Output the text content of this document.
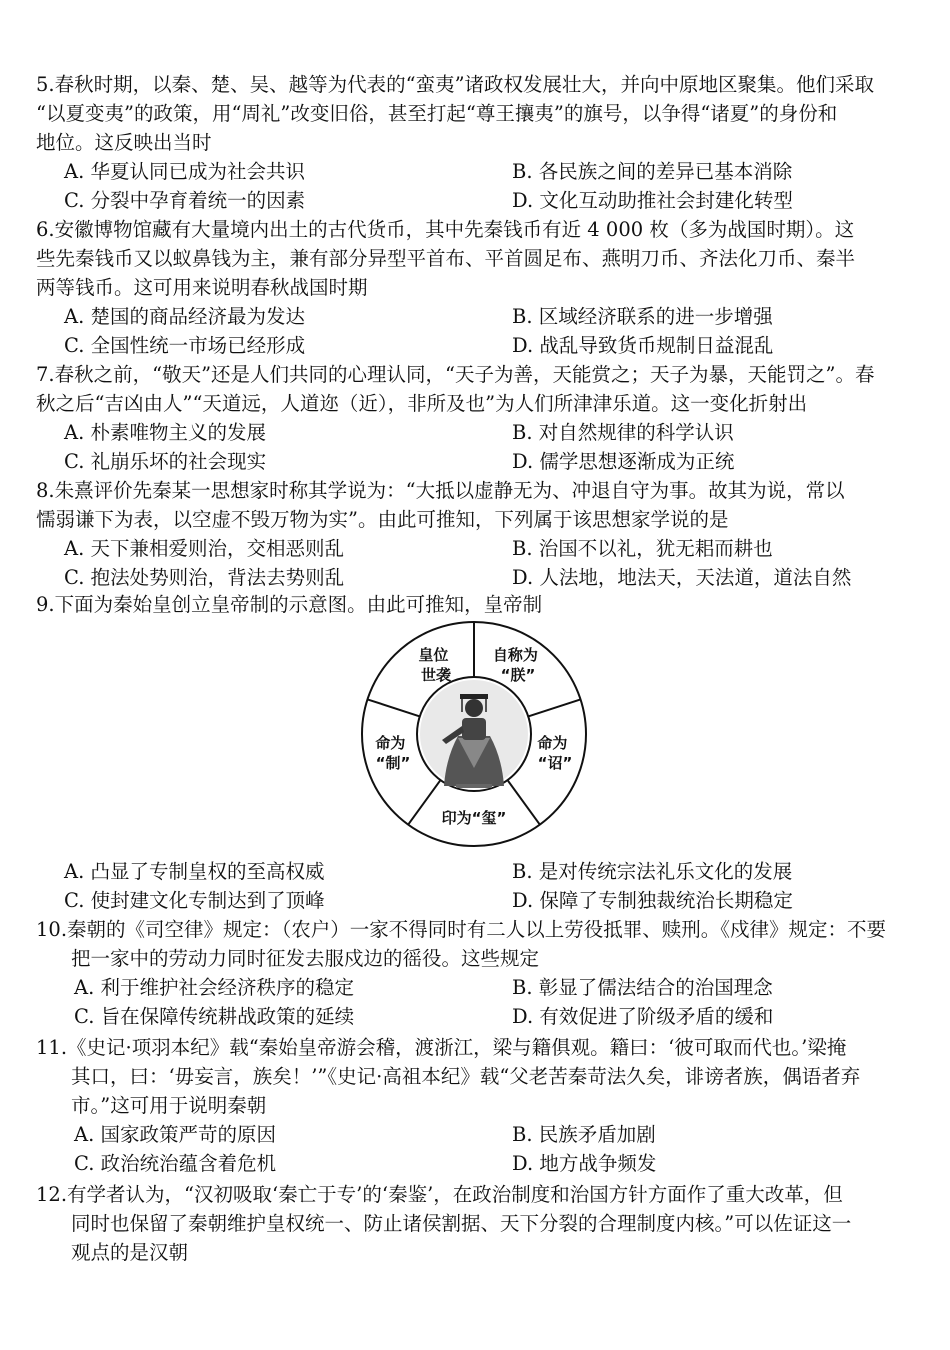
5.春秋时期，以秦、楚、吴、越等为代表的“蛮夷”诸政权发展壮大，并向中原地区聚集。他们采取
“以夏变夷”的政策，用“周礼”改变旧俗，甚至打起“尊王攘夷”的旗号，以争得“诸夏”的身份和
地位。这反映出当时
A. 华夏认同已成为社会共识	B. 各民族之间的差异已基本消除
C. 分裂中孕育着统一的因素	D. 文化互动助推社会封建化转型
6.安徽博物馆藏有大量境内出土的古代货币，其中先秦钱币有近 4 000 枚（多为战国时期）。这
些先秦钱币又以蚁鼻钱为主，兼有部分异型平首布、平首圆足布、燕明刀币、齐法化刀币、秦半
两等钱币。这可用来说明春秋战国时期
A. 楚国的商品经济最为发达	B. 区域经济联系的进一步增强
C. 全国性统一市场已经形成	D. 战乱导致货币规制日益混乱
7.春秋之前，“敬天”还是人们共同的心理认同，“天子为善，天能赏之；天子为暴，天能罚之”。春
秋之后“吉凶由人”“天道远，人道迩（近），非所及也”为人们所津津乐道。这一变化折射出
A. 朴素唯物主义的发展	B. 对自然规律的科学认识
C. 礼崩乐坏的社会现实	D. 儒学思想逐渐成为正统
8.朱熹评价先秦某一思想家时称其学说为：“大抵以虚静无为、冲退自守为事。故其为说，常以
懦弱谦下为表，以空虚不毁万物为实”。由此可推知，下列属于该思想家学说的是
A. 天下兼相爱则治，交相恶则乱	B. 治国不以礼，犹无耜而耕也
C. 抱法处势则治，背法去势则乱	D. 人法地，地法天，天法道，道法自然
9.下面为秦始皇创立皇帝制的示意图。由此可推知，皇帝制
皇位 世袭
自称为 “朕”
命为 “诏”
印为“玺”
命为 “制”
A. 凸显了专制皇权的至高权威	B. 是对传统宗法礼乐文化的发展
C. 使封建文化专制达到了顶峰	D. 保障了专制独裁统治长期稳定
10.秦朝的《司空律》规定：（农户）一家不得同时有二人以上劳役抵罪、赎刑。《戍律》规定：不要
把一家中的劳动力同时征发去服戍边的徭役。这些规定
A. 利于维护社会经济秩序的稳定	B. 彰显了儒法结合的治国理念
C. 旨在保障传统耕战政策的延续	D. 有效促进了阶级矛盾的缓和
11.《史记·项羽本纪》载“秦始皇帝游会稽，渡浙江，梁与籍俱观。籍曰：‘彼可取而代也。’梁掩
其口，曰：‘毋妄言，族矣！’”《史记·高祖本纪》载“父老苦秦苛法久矣，诽谤者族，偶语者弃
市。”这可用于说明秦朝
A. 国家政策严苛的原因	B. 民族矛盾加剧
C. 政治统治蕴含着危机	D. 地方战争频发
12.有学者认为，“汉初吸取‘秦亡于专’的‘秦鉴’，在政治制度和治国方针方面作了重大改革，但
同时也保留了秦朝维护皇权统一、防止诸侯割据、天下分裂的合理制度内核。”可以佐证这一
观点的是汉朝
